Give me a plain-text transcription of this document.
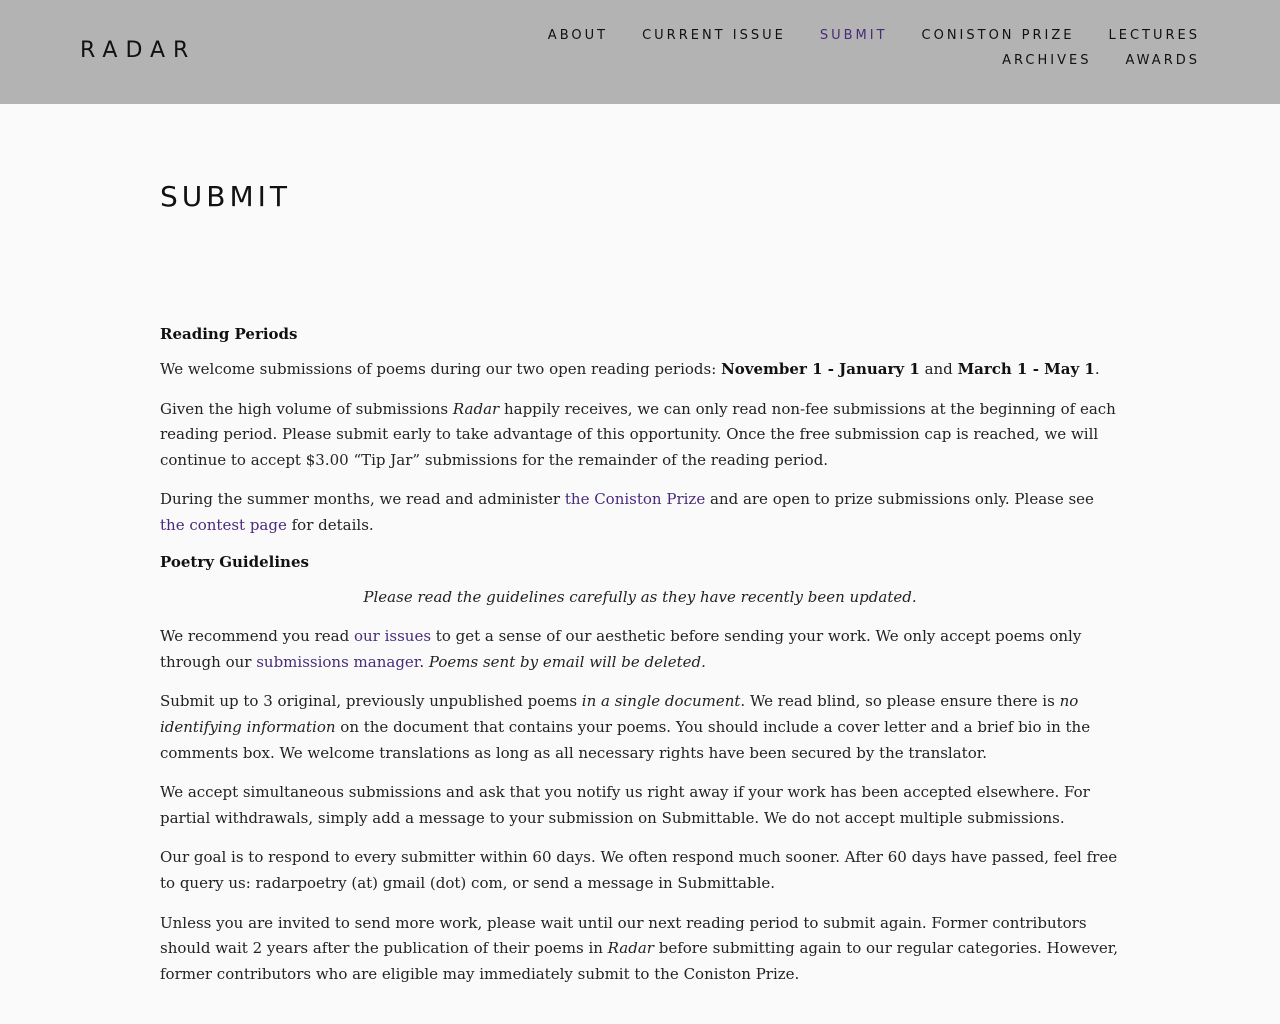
RADAR
ABOUT	CURRENT ISSUE	SUBMIT	CONISTON PRIZE	LECTURES
ARCHIVES	AWARDS
SUBMIT
Reading Periods

We welcome submissions of poems during our two open reading periods: November 1 - January 1 and March 1 - May 1.

Given the high volume of submissions Radar happily receives, we can only read non-fee submissions at the beginning of each reading period. Please submit early to take advantage of this opportunity. Once the free submission cap is reached, we will continue to accept $3.00 “Tip Jar” submissions for the remainder of the reading period.

During the summer months, we read and administer the Coniston Prize and are open to prize submissions only. Please see the contest page for details.

Poetry Guidelines

Please read the guidelines carefully as they have recently been updated.

We recommend you read our issues to get a sense of our aesthetic before sending your work. We only accept poems only through our submissions manager. Poems sent by email will be deleted.

Submit up to 3 original, previously unpublished poems in a single document. We read blind, so please ensure there is no identifying information on the document that contains your poems. You should include a cover letter and a brief bio in the comments box. We welcome translations as long as all necessary rights have been secured by the translator.

We accept simultaneous submissions and ask that you notify us right away if your work has been accepted elsewhere. For partial withdrawals, simply add a message to your submission on Submittable. We do not accept multiple submissions.

Our goal is to respond to every submitter within 60 days. We often respond much sooner. After 60 days have passed, feel free to query us: radarpoetry (at) gmail (dot) com, or send a message in Submittable.

Unless you are invited to send more work, please wait until our next reading period to submit again. Former contributors should wait 2 years after the publication of their poems in Radar before submitting again to our regular categories. However, former contributors who are eligible may immediately submit to the Coniston Prize.
